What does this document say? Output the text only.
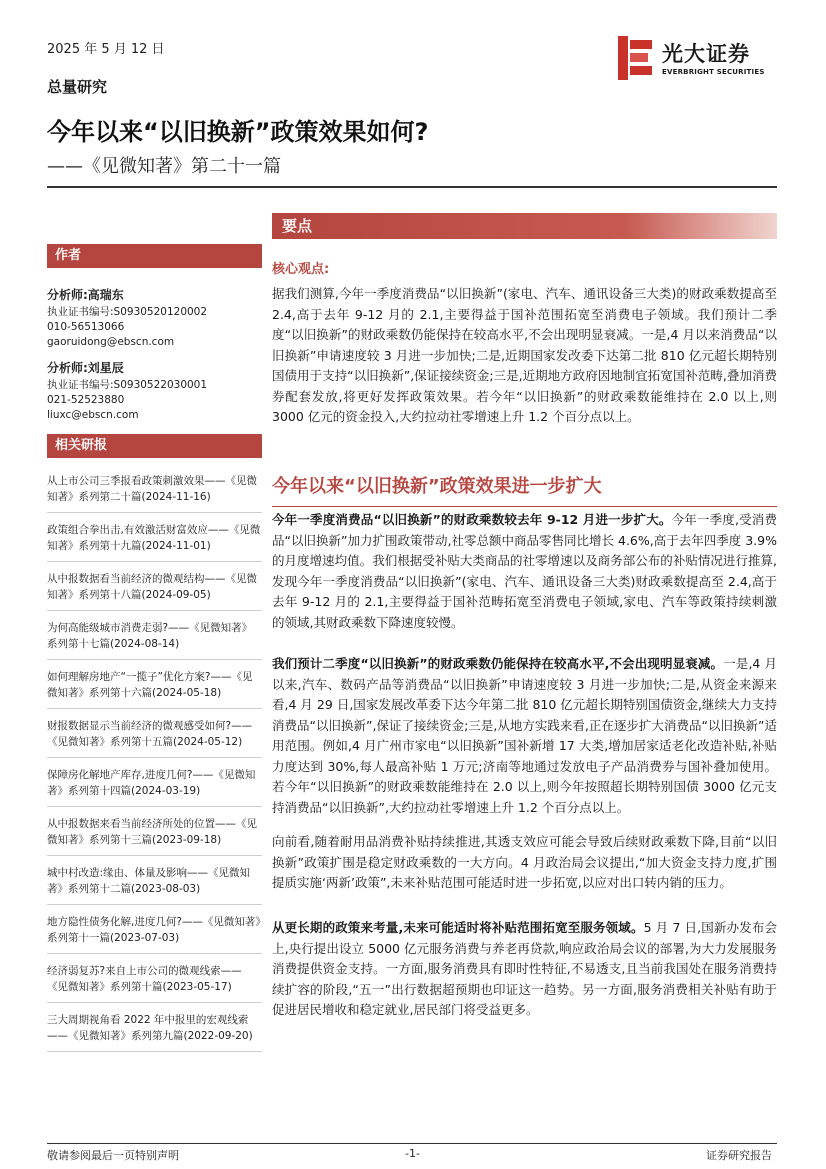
2025 年 5 月 12 日	光大证券
EVERBRIGHT SECURITIES
总量研究
今年以来“以旧换新”政策效果如何?
——《见微知著》第二十一篇
作者
分析师:高瑞东
执业证书编号:S0930520120002
010-56513066
gaoruidong@ebscn.com
分析师:刘星辰
执业证书编号:S0930522030001
021-52523880
liuxc@ebscn.com
相关研报
从上市公司三季报看政策刺激效果——《见微知著》系列第二十篇(2024-11-16)
政策组合拳出击,有效激活财富效应——《见微知著》系列第十九篇(2024-11-01)
从中报数据看当前经济的微观结构——《见微知著》系列第十八篇(2024-09-05)
为何高能级城市消费走弱?——《见微知著》系列第十七篇(2024-08-14)
如何理解房地产“一揽子”优化方案?——《见微知著》系列第十六篇(2024-05-18)
财报数据显示当前经济的微观感受如何?——《见微知著》系列第十五篇(2024-05-12)
保障房化解地产库存,进度几何?——《见微知著》系列第十四篇(2024-03-19)
从中报数据来看当前经济所处的位置——《见微知著》系列第十三篇(2023-09-18)
城中村改造:缘由、体量及影响——《见微知著》系列第十二篇(2023-08-03)
地方隐性债务化解,进度几何?——《见微知著》系列第十一篇(2023-07-03)
经济弱复苏?来自上市公司的微观线索——《见微知著》系列第十篇(2023-05-17)
三大周期视角看 2022 年中报里的宏观线索——《见微知著》系列第九篇(2022-09-20)
要点
核心观点:
据我们测算,今年一季度消费品“以旧换新”(家电、汽车、通讯设备三大类)的财政乘数提高至 2.4,高于去年 9-12 月的 2.1,主要得益于国补范围拓宽至消费电子领域。我们预计二季度“以旧换新”的财政乘数仍能保持在较高水平,不会出现明显衰减。一是,4 月以来消费品“以旧换新”申请速度较 3 月进一步加快;二是,近期国家发改委下达第二批 810 亿元超长期特别国债用于支持“以旧换新”,保证接续资金;三是,近期地方政府因地制宜拓宽国补范畴,叠加消费券配套发放,将更好发挥政策效果。若今年“以旧换新”的财政乘数能维持在 2.0 以上,则 3000 亿元的资金投入,大约拉动社零增速上升 1.2 个百分点以上。
今年以来“以旧换新”政策效果进一步扩大
今年一季度消费品“以旧换新”的财政乘数较去年 9-12 月进一步扩大。今年一季度,受消费品“以旧换新”加力扩围政策带动,社零总额中商品零售同比增长 4.6%,高于去年四季度 3.9%的月度增速均值。我们根据受补贴大类商品的社零增速以及商务部公布的补贴情况进行推算,发现今年一季度消费品“以旧换新”(家电、汽车、通讯设备三大类)财政乘数提高至 2.4,高于去年 9-12 月的 2.1,主要得益于国补范畴拓宽至消费电子领域,家电、汽车等政策持续刺激的领域,其财政乘数下降速度较慢。
我们预计二季度“以旧换新”的财政乘数仍能保持在较高水平,不会出现明显衰减。一是,4 月以来,汽车、数码产品等消费品“以旧换新”申请速度较 3 月进一步加快;二是,从资金来源来看,4 月 29 日,国家发展改革委下达今年第二批 810 亿元超长期特别国债资金,继续大力支持消费品“以旧换新”,保证了接续资金;三是,从地方实践来看,正在逐步扩大消费品“以旧换新”适用范围。例如,4 月广州市家电“以旧换新”国补新增 17 大类,增加居家适老化改造补贴,补贴力度达到 30%,每人最高补贴 1 万元;济南等地通过发放电子产品消费券与国补叠加使用。若今年“以旧换新”的财政乘数能维持在 2.0 以上,则今年按照超长期特别国债 3000 亿元支持消费品“以旧换新”,大约拉动社零增速上升 1.2 个百分点以上。
向前看,随着耐用品消费补贴持续推进,其透支效应可能会导致后续财政乘数下降,目前“以旧换新”政策扩围是稳定财政乘数的一大方向。4 月政治局会议提出,“加大资金支持力度,扩围提质实施‘两新’政策”,未来补贴范围可能适时进一步拓宽,以应对出口转内销的压力。
从更长期的政策来考量,未来可能适时将补贴范围拓宽至服务领域。5 月 7 日,国新办发布会上,央行提出设立 5000 亿元服务消费与养老再贷款,响应政治局会议的部署,为大力发展服务消费提供资金支持。一方面,服务消费具有即时性特征,不易透支,且当前我国处在服务消费持续扩容的阶段,“五一”出行数据超预期也印证这一趋势。另一方面,服务消费相关补贴有助于促进居民增收和稳定就业,居民部门将受益更多。
敬请参阅最后一页特别声明	-1-	证券研究报告
